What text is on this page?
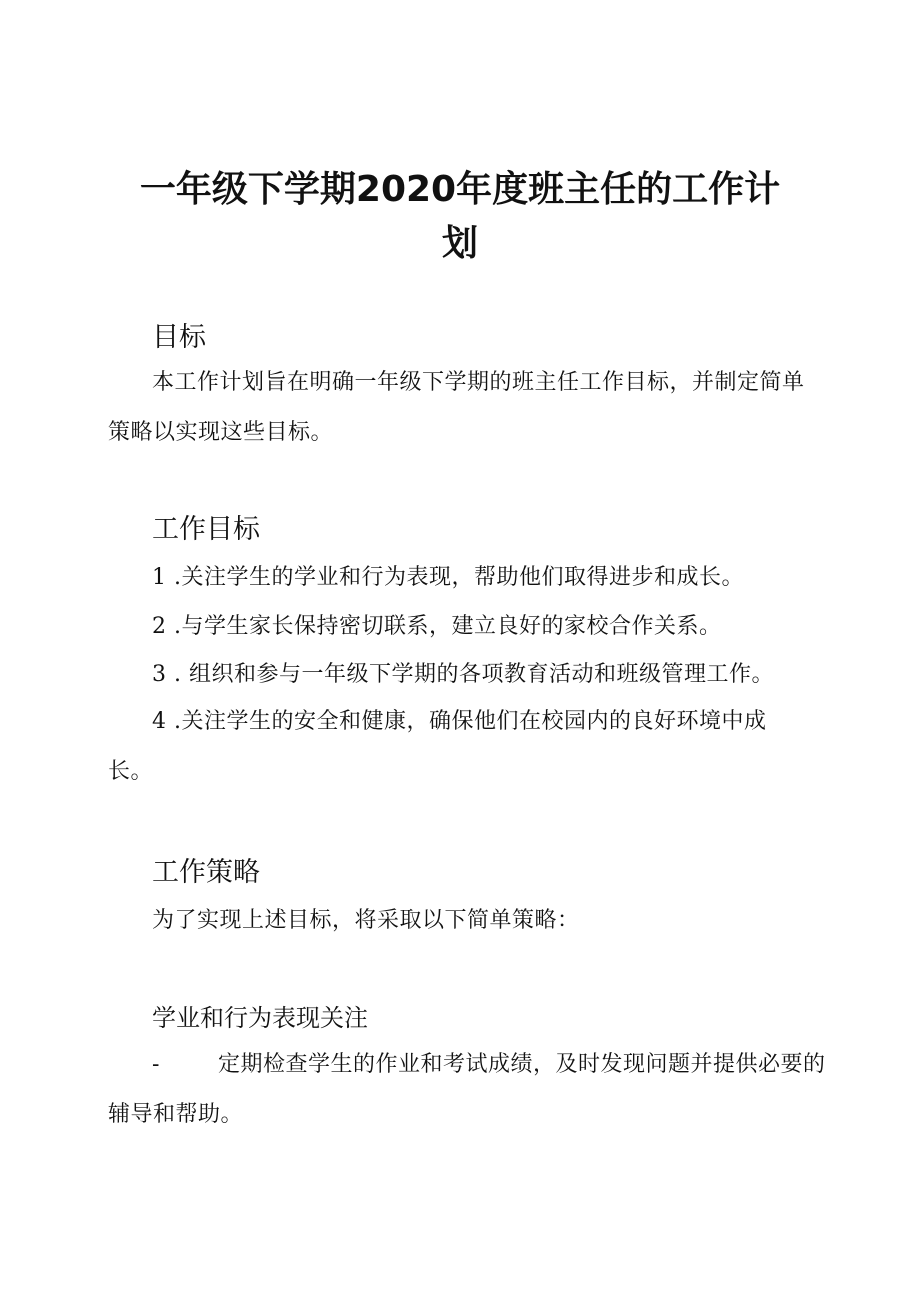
一年级下学期2020年度班主任的工作计划
目标
本工作计划旨在明确一年级下学期的班主任工作目标，并制定简单策略以实现这些目标。
工作目标
1 .关注学生的学业和行为表现，帮助他们取得进步和成长。
2 .与学生家长保持密切联系，建立良好的家校合作关系。
3 . 组织和参与一年级下学期的各项教育活动和班级管理工作。
4 .关注学生的安全和健康，确保他们在校园内的良好环境中成长。
工作策略
为了实现上述目标，将采取以下简单策略：
学业和行为表现关注
-	定期检查学生的作业和考试成绩，及时发现问题并提供必要的辅导和帮助。
